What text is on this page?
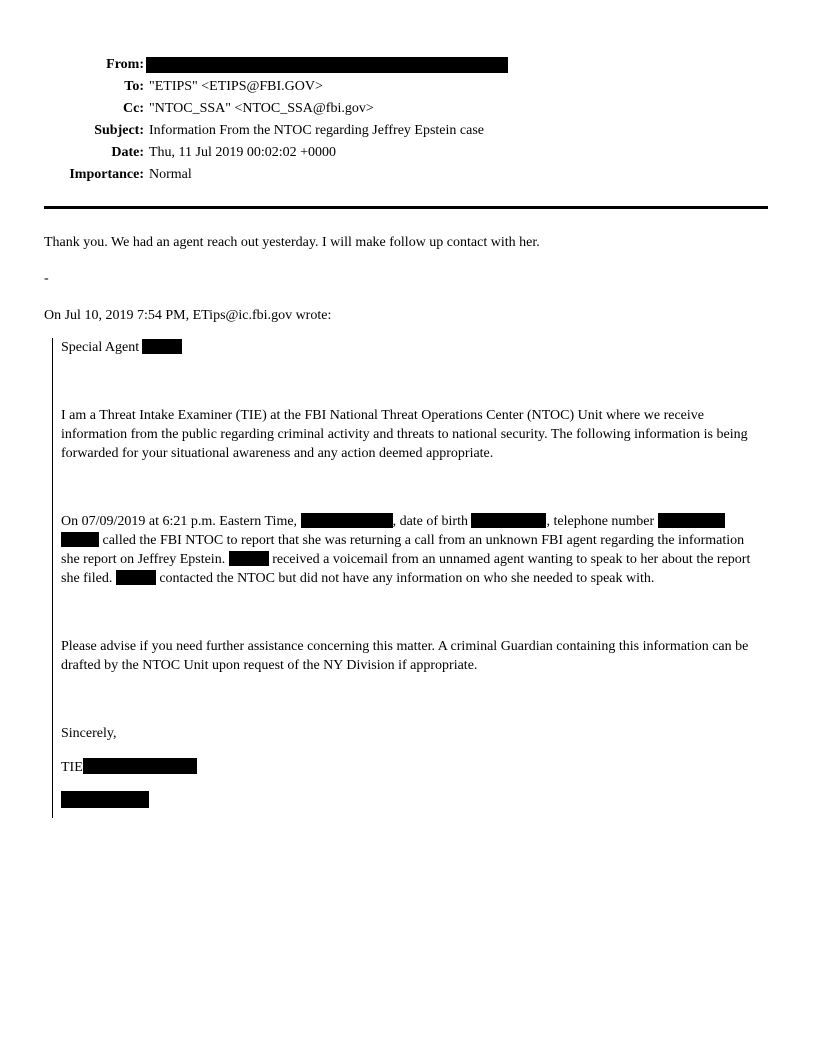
From:
To: "ETIPS" <ETIPS@FBI.GOV>
Cc: "NTOC_SSA" <NTOC_SSA@fbi.gov>
Subject: Information From the NTOC regarding Jeffrey Epstein case
Date: Thu, 11 Jul 2019 00:02:02 +0000
Importance: Normal

Thank you. We had an agent reach out yesterday. I will make follow up contact with her.

-

On Jul 10, 2019 7:54 PM, ETips@ic.fbi.gov wrote:

Special Agent

I am a Threat Intake Examiner (TIE) at the FBI National Threat Operations Center (NTOC) Unit where we receive information from the public regarding criminal activity and threats to national security. The following information is being forwarded for your situational awareness and any action deemed appropriate.

On 07/09/2019 at 6:21 p.m. Eastern Time,	, date of birth	, telephone number   called the FBI NTOC to report that she was returning a call from an unknown FBI agent regarding the information she report on Jeffrey Epstein.	received a voicemail from an unnamed agent wanting to speak to her about the report she filed.	contacted the NTOC but did not have any information on who she needed to speak with.

Please advise if you need further assistance concerning this matter. A criminal Guardian containing this information can be drafted by the NTOC Unit upon request of the NY Division if appropriate.

Sincerely,

TIE
